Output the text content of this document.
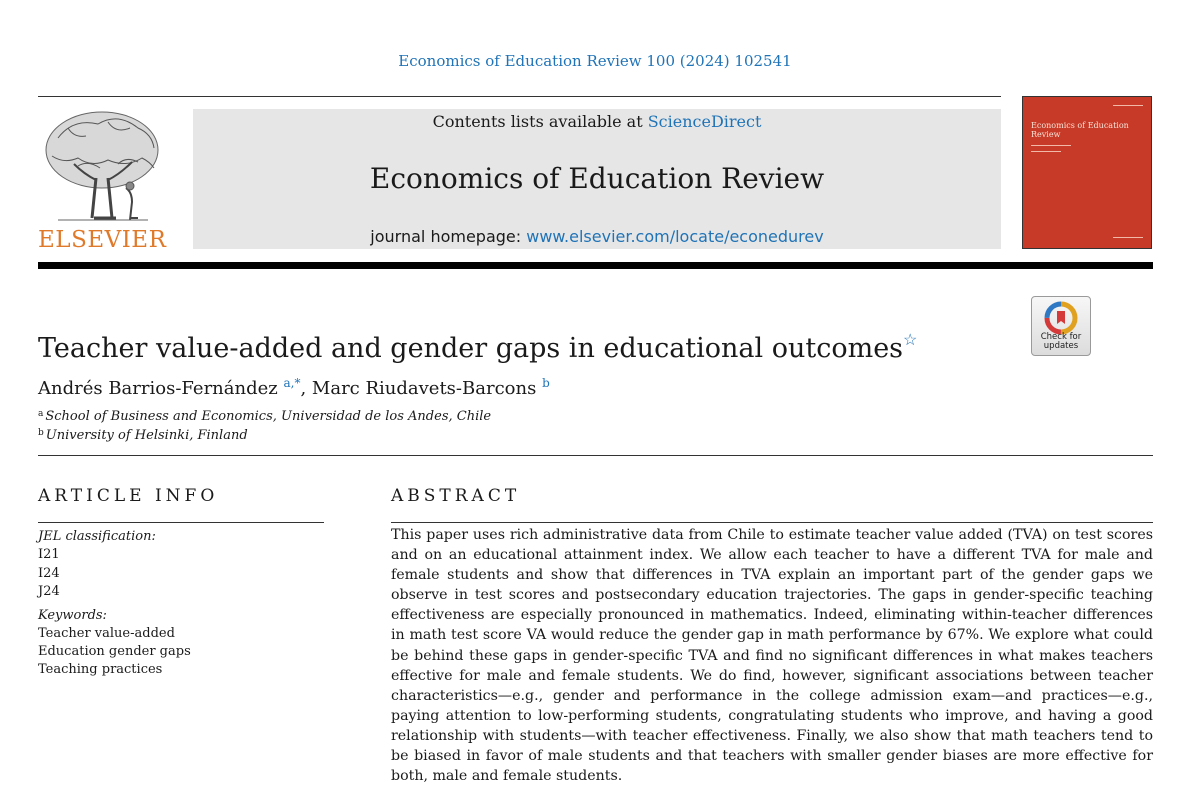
Economics of Education Review 100 (2024) 102541
ELSEVIER
Contents lists available at ScienceDirect
Economics of Education Review
journal homepage: www.elsevier.com/locate/econedurev
Economics of Education Review
Check for
updates
Teacher value-added and gender gaps in educational outcomes☆
Andrés Barrios-Fernández $^{a,*}$, Marc Riudavets-Barcons $^b$
$^a$ School of Business and Economics, Universidad de los Andes, Chile
$^b$ University of Helsinki, Finland
ARTICLE INFO
JEL classification:
I21
I24
J24
Keywords:
Teacher value-added
Education gender gaps
Teaching practices
ABSTRACT
This paper uses rich administrative data from Chile to estimate teacher value added (TVA) on test scores and on an educational attainment index. We allow each teacher to have a different TVA for male and female students and show that differences in TVA explain an important part of the gender gaps we observe in test scores and postsecondary education trajectories. The gaps in gender-specific teaching effectiveness are especially pronounced in mathematics. Indeed, eliminating within-teacher differences in math test score VA would reduce the gender gap in math performance by 67%. We explore what could be behind these gaps in gender-specific TVA and find no significant differences in what makes teachers effective for male and female students. We do find, however, significant associations between teacher characteristics—e.g., gender and performance in the college admission exam—and practices—e.g., paying attention to low-performing students, congratulating students who improve, and having a good relationship with students—with teacher effectiveness. Finally, we also show that math teachers tend to be biased in favor of male students and that teachers with smaller gender biases are more effective for both, male and female students.
